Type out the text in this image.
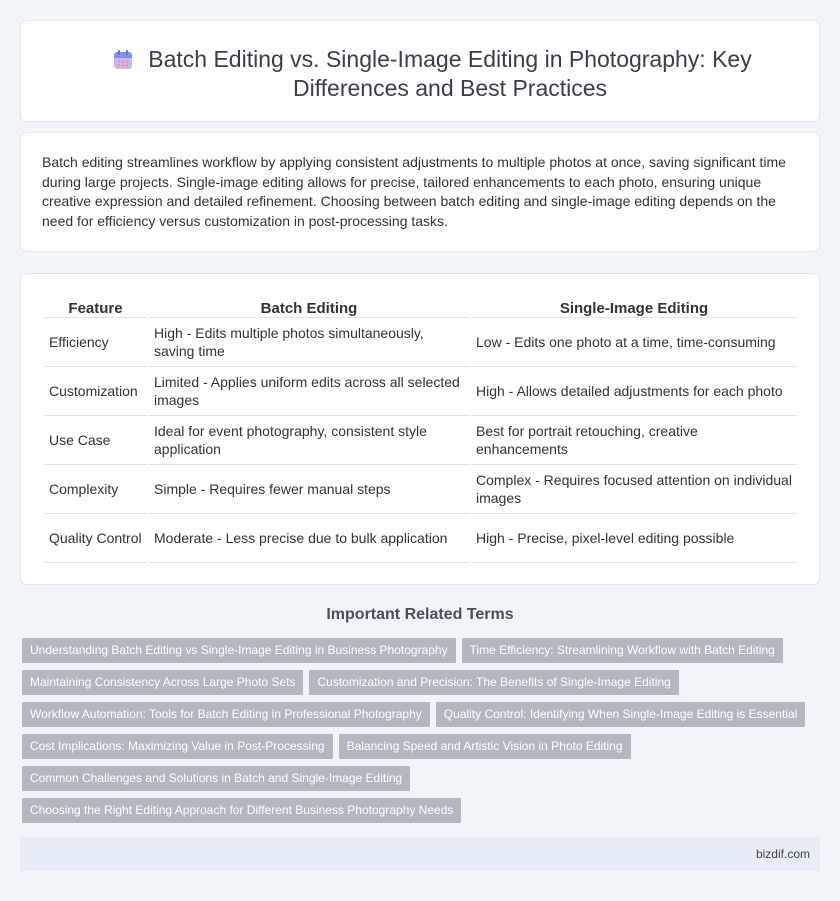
Batch Editing vs. Single-Image Editing in Photography: Key Differences and Best Practices

Batch editing streamlines workflow by applying consistent adjustments to multiple photos at once, saving significant time during large projects. Single-image editing allows for precise, tailored enhancements to each photo, ensuring unique creative expression and detailed refinement. Choosing between batch editing and single-image editing depends on the need for efficiency versus customization in post-processing tasks.

Feature	Batch Editing	Single-Image Editing
Efficiency	High - Edits multiple photos simultaneously, saving time	Low - Edits one photo at a time, time-consuming
Customization	Limited - Applies uniform edits across all selected images	High - Allows detailed adjustments for each photo
Use Case	Ideal for event photography, consistent style application	Best for portrait retouching, creative enhancements
Complexity	Simple - Requires fewer manual steps	Complex - Requires focused attention on individual images
Quality Control	Moderate - Less precise due to bulk application	High - Precise, pixel-level editing possible
Important Related Terms
Understanding Batch Editing vs Single-Image Editing in Business Photography	Time Efficiency: Streamlining Workflow with Batch Editing
Maintaining Consistency Across Large Photo Sets	Customization and Precision: The Benefits of Single-Image Editing
Workflow Automation: Tools for Batch Editing in Professional Photography	Quality Control: Identifying When Single-Image Editing is Essential
Cost Implications: Maximizing Value in Post-Processing	Balancing Speed and Artistic Vision in Photo Editing
Common Challenges and Solutions in Batch and Single-Image Editing
Choosing the Right Editing Approach for Different Business Photography Needs
bizdif.com
